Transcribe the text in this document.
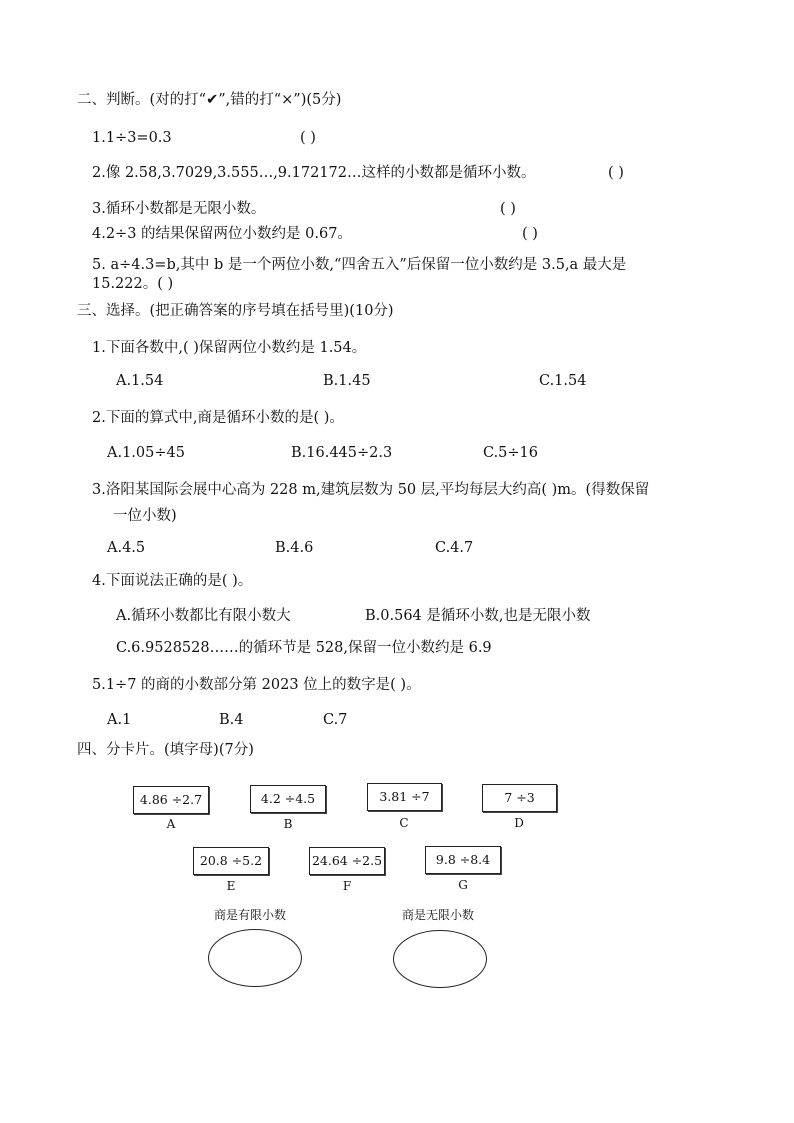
二、判断。(对的打“✔”,错的打“×”)(5分)
1.1÷3=0.3	( )
2.像 2.58,3.7029,3.555…,9.172172…这样的小数都是循环小数。	( )
3.循环小数都是无限小数。	( )
4.2÷3 的结果保留两位小数约是 0.67。	( )
5. a÷4.3=b,其中 b 是一个两位小数,“四舍五入”后保留一位小数约是 3.5,a 最大是
15.222。( )
三、选择。(把正确答案的序号填在括号里)(10分)
1.下面各数中,( )保留两位小数约是 1.54。
A.1.54	B.1.45	C.1.54
2.下面的算式中,商是循环小数的是( )。
A.1.05÷45	B.16.445÷2.3	C.5÷16
3.洛阳某国际会展中心高为 228 m,建筑层数为 50 层,平均每层大约高( )m。(得数保留
一位小数)
A.4.5	B.4.6	C.4.7
4.下面说法正确的是( )。
A.循环小数都比有限小数大	B.0.564 是循环小数,也是无限小数
C.6.9528528……的循环节是 528,保留一位小数约是 6.9
5.1÷7 的商的小数部分第 2023 位上的数字是( )。
A.1	B.4	C.7
四、分卡片。(填字母)(7分)
4.86 ÷2.7
A
4.2 ÷4.5
B
3.81 ÷7
C
7 ÷3
D
20.8 ÷5.2
E
24.64 ÷2.5
F
9.8 ÷8.4
G
商是有限小数	商是无限小数
